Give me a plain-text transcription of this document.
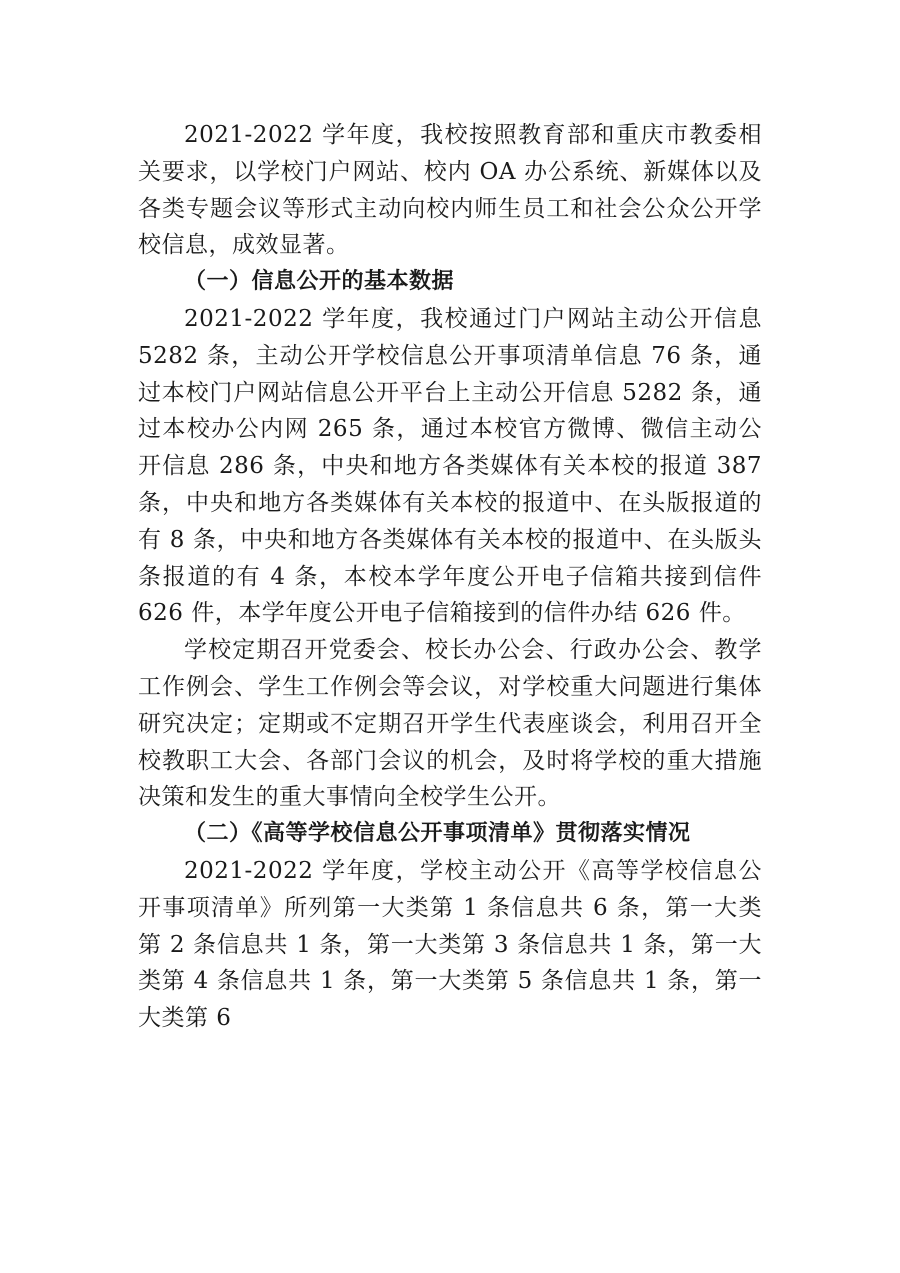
2021-2022 学年度，我校按照教育部和重庆市教委相关要求，以学校门户网站、校内 OA 办公系统、新媒体以及各类专题会议等形式主动向校内师生员工和社会公众公开学校信息，成效显著。

（一）信息公开的基本数据

2021-2022 学年度，我校通过门户网站主动公开信息 5282 条，主动公开学校信息公开事项清单信息 76 条，通过本校门户网站信息公开平台上主动公开信息 5282 条，通过本校办公内网 265 条，通过本校官方微博、微信主动公开信息 286 条，中央和地方各类媒体有关本校的报道 387 条，中央和地方各类媒体有关本校的报道中、在头版报道的有 8 条，中央和地方各类媒体有关本校的报道中、在头版头条报道的有 4 条，本校本学年度公开电子信箱共接到信件 626 件，本学年度公开电子信箱接到的信件办结 626 件。

学校定期召开党委会、校长办公会、行政办公会、教学工作例会、学生工作例会等会议，对学校重大问题进行集体研究决定；定期或不定期召开学生代表座谈会，利用召开全校教职工大会、各部门会议的机会，及时将学校的重大措施决策和发生的重大事情向全校学生公开。

（二）《高等学校信息公开事项清单》贯彻落实情况

2021-2022 学年度，学校主动公开《高等学校信息公开事项清单》所列第一大类第 1 条信息共 6 条，第一大类第 2 条信息共 1 条，第一大类第 3 条信息共 1 条，第一大类第 4 条信息共 1 条，第一大类第 5 条信息共 1 条，第一大类第 6
